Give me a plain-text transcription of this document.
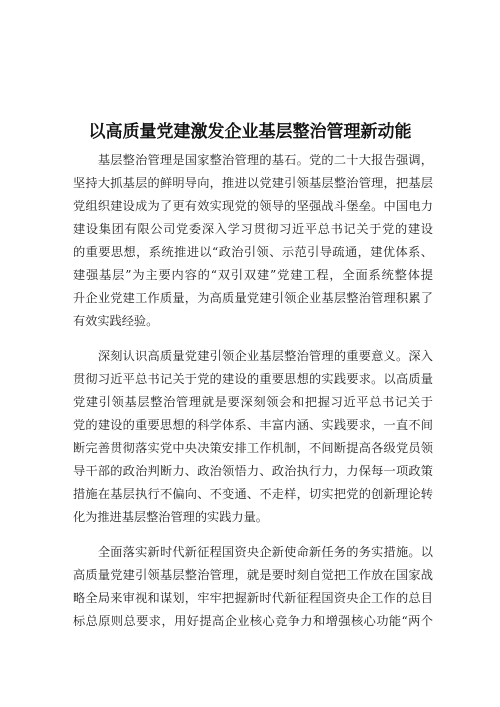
以高质量党建激发企业基层整治管理新动能
　　基层整治管理是国家整治管理的基石。党的二十大报告强调，
坚持大抓基层的鲜明导向，推进以党建引领基层整治管理，把基层
党组织建设成为了更有效实现党的领导的坚强战斗堡垒。中国电力
建设集团有限公司党委深入学习贯彻习近平总书记关于党的建设
的重要思想，系统推进以“政治引领、示范引导疏通，建优体系、
建强基层”为主要内容的“双引双建”党建工程，全面系统整体提
升企业党建工作质量，为高质量党建引领企业基层整治管理积累了
有效实践经验。
　　深刻认识高质量党建引领企业基层整治管理的重要意义。深入
贯彻习近平总书记关于党的建设的重要思想的实践要求。以高质量
党建引领基层整治管理就是要深刻领会和把握习近平总书记关于
党的建设的重要思想的科学体系、丰富内涵、实践要求，一直不间
断完善贯彻落实党中央决策安排工作机制，不间断提高各级党员领
导干部的政治判断力、政治领悟力、政治执行力，力保每一项政策
措施在基层执行不偏向、不变通、不走样，切实把党的创新理论转
化为推进基层整治管理的实践力量。
　　全面落实新时代新征程国资央企新使命新任务的务实措施。以
高质量党建引领基层整治管理，就是要时刻自觉把工作放在国家战
略全局来审视和谋划，牢牢把握新时代新征程国资央企工作的总目
标总原则总要求，用好提高企业核心竞争力和增强核心功能“两个
